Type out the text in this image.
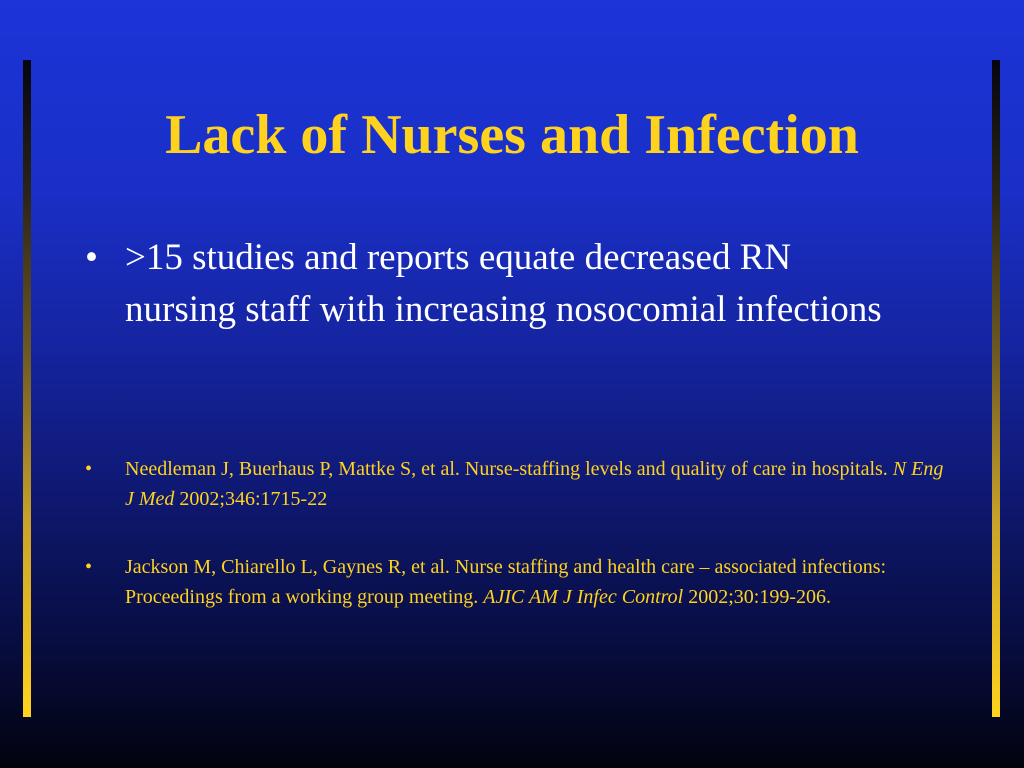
Lack of Nurses and Infection
• >15 studies and reports equate decreased RN nursing staff with increasing nosocomial infections
•	Needleman J, Buerhaus P, Mattke S, et al. Nurse-staffing levels and quality of care in hospitals. N Eng J Med 2002;346:1715-22
•	Jackson M, Chiarello L, Gaynes R, et al. Nurse staffing and health care – associated infections: Proceedings from a working group meeting. AJIC AM J Infec Control 2002;30:199-206.
